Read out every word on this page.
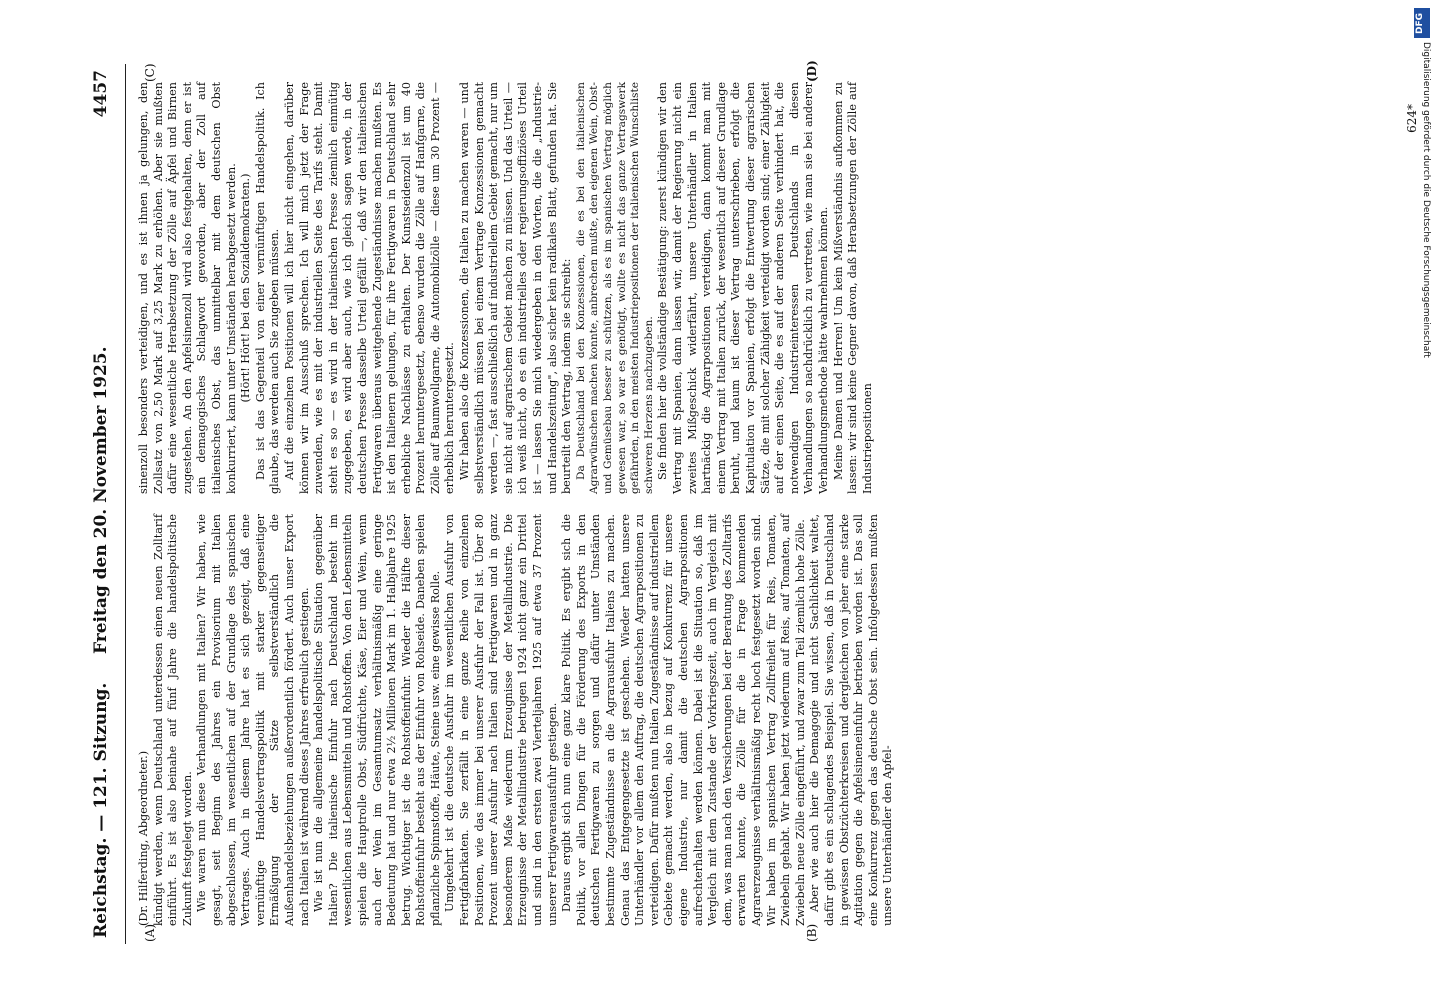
Reichstag. — 121. Sitzung.
Freitag den 20. November 1925.
4457
(A)	(B)
(C)	(D)

(Dr. Hilferding, Abgeordneter.) kündigt werden, wenn Deutschland unterdessen einen neuen Zolltarif einführt. Es ist also beinahe auf fünf Jahre die handelspolitische Zukunft festgelegt worden. Wie waren nun diese Verhandlungen mit Italien? Wir haben, wie gesagt, seit Beginn des Jahres ein Provisorium mit Italien abgeschlossen, im wesentlichen auf der Grundlage des spanischen Vertrages. Auch in diesem Jahre hat es sich gezeigt, daß eine vernünftige Handelsvertragspolitik mit starker gegenseitiger Ermäßigung der Sätze selbstverständlich die Außenhandelsbeziehungen außerordentlich fördert. Auch unser Export nach Italien ist während dieses Jahres erfreulich gestiegen. Wie ist nun die allgemeine handelspolitische Situation gegenüber Italien? Die italienische Einfuhr nach Deutschland besteht im wesentlichen aus Lebensmitteln und Rohstoffen. Von den Lebensmitteln spielen die Hauptrolle Obst, Südfrüchte, Käse, Eier und Wein, wenn auch der Wein im Gesamtumsatz verhältnismäßig eine geringe Bedeutung hat und nur etwa 2½ Millionen Mark im 1. Halbjahre 1925 betrug. Wichtiger ist die Rohstoffeinfuhr. Wieder die Hälfte dieser Rohstoffeinfuhr besteht aus der Einfuhr von Rohseide. Daneben spielen pflanzliche Spinnstoffe, Häute, Steine usw. eine gewisse Rolle. Umgekehrt ist die deutsche Ausfuhr im wesentlichen Ausfuhr von Fertigfabrikaten. Sie zerfällt in eine ganze Reihe von einzelnen Positionen, wie das immer bei unserer Ausfuhr der Fall ist. Über 80 Prozent unserer Ausfuhr nach Italien sind Fertigwaren und in ganz besonderem Maße wiederum Erzeugnisse der Metallindustrie. Die Erzeugnisse der Metallindustrie betrugen 1924 nicht ganz ein Drittel und sind in den ersten zwei Vierteljahren 1925 auf etwa 37 Prozent unserer Fertigwarenausfuhr gestiegen. Daraus ergibt sich nun eine ganz klare Politik. Es ergibt sich die Politik, vor allen Dingen für die Förderung des Exports in den deutschen Fertigwaren zu sorgen und dafür unter Umständen bestimmte Zugeständnisse an die Agrarausfuhr Italiens zu machen. Genau das Entgegengesetzte ist geschehen. Wieder hatten unsere Unterhändler vor allem den Auftrag, die deutschen Agrarpositionen zu verteidigen. Dafür mußten nun Italien Zugeständnisse auf industriellem Gebiete gemacht werden, also in bezug auf Konkurrenz für unsere eigene Industrie, nur damit die deutschen Agrarpositionen aufrechterhalten werden können. Dabei ist die Situation so, daß im Vergleich mit dem Zustande der Vorkriegszeit, auch im Vergleich mit dem, was man nach den Versicherungen bei der Beratung des Zolltarifs erwarten konnte, die Zölle für die in Frage kommenden Agrarerzeugnisse verhältnismäßig recht hoch festgesetzt worden sind. Wir haben im spanischen Vertrag Zollfreiheit für Reis, Tomaten, Zwiebeln gehabt. Wir haben jetzt wiederum auf Reis, auf Tomaten, auf Zwiebeln neue Zölle eingeführt, und zwar zum Teil ziemlich hohe Zölle. Aber wie auch hier die Demagogie und nicht Sachlichkeit waltet, dafür gibt es ein schlagendes Beispiel. Sie wissen, daß in Deutschland in gewissen Obstzüchterkreisen und dergleichen von jeher eine starke Agitation gegen die Apfelsineneinfuhr betrieben worden ist. Das soll eine Konkurrenz gegen das deutsche Obst sein. Infolgedessen mußten unsere Unterhändler den Apfel-

sinenzoll besonders verteidigen, und es ist ihnen ja gelungen, den Zollsatz von 2,50 Mark auf 3,25 Mark zu erhöhen. Aber sie mußten dafür eine wesentliche Herabsetzung der Zölle auf Äpfel und Birnen zugestehen. An den Apfelsinenzoll wird also festgehalten, denn er ist ein demagogisches Schlagwort geworden, aber der Zoll auf italienisches Obst, das unmittelbar mit dem deutschen Obst konkurriert, kann unter Umständen herabgesetzt werden. (Hört! Hört! bei den Sozialdemokraten.) Das ist das Gegenteil von einer vernünftigen Handelspolitik. Ich glaube, das werden auch Sie zugeben müssen. Auf die einzelnen Positionen will ich hier nicht eingehen, darüber können wir im Ausschuß sprechen. Ich will mich jetzt der Frage zuwenden, wie es mit der industriellen Seite des Tarifs steht. Damit steht es so — es wird in der italienischen Presse ziemlich einmütig zugegeben, es wird aber auch, wie ich gleich sagen werde, in der deutschen Presse dasselbe Urteil gefällt —, daß wir den italienischen Fertigwaren überaus weitgehende Zugeständnisse machen mußten. Es ist den Italienern gelungen, für ihre Fertigwaren in Deutschland sehr erhebliche Nachlässe zu erhalten. Der Kunstseidenzoll ist um 40 Prozent heruntergesetzt, ebenso wurden die Zölle auf Hanfgarne, die Zölle auf Baumwollgarne, die Automobilzölle — diese um 30 Prozent — erheblich heruntergesetzt. Wir haben also die Konzessionen, die Italien zu machen waren — und selbstverständlich müssen bei einem Vertrage Konzessionen gemacht werden —, fast ausschließlich auf industriellem Gebiet gemacht, nur um sie nicht auf agrarischem Gebiet machen zu müssen. Und das Urteil — ich weiß nicht, ob es ein industrielles oder regierungsoffiziöses Urteil ist — lassen Sie mich wiedergeben in den Worten, die die „Industrie- und Handelszeitung", also sicher kein radikales Blatt, gefunden hat. Sie beurteilt den Vertrag, indem sie schreibt: Da Deutschland bei den Konzessionen, die es bei den italienischen Agrarwünschen machen konnte, anbrechen mußte, den eigenen Wein, Obst- und Gemüsebau besser zu schützen, als es im spanischen Vertrag möglich gewesen war, so war es genötigt, wollte es nicht das ganze Vertragswerk gefährden, in den meisten Industriepositionen der italienischen Wunschliste schweren Herzens nachzugeben. Sie finden hier die vollständige Bestätigung: zuerst kündigen wir den Vertrag mit Spanien, dann lassen wir, damit der Regierung nicht ein zweites Mißgeschick widerfährt, unsere Unterhändler in Italien hartnäckig die Agrarpositionen verteidigen, dann kommt man mit einem Vertrag mit Italien zurück, der wesentlich auf dieser Grundlage beruht, und kaum ist dieser Vertrag unterschrieben, erfolgt die Kapitulation vor Spanien, erfolgt die Entwertung dieser agrarischen Sätze, die mit solcher Zähigkeit verteidigt worden sind; einer Zähigkeit auf der einen Seite, die es auf der anderen Seite verhindert hat, die notwendigen Industrieinteressen Deutschlands in diesen Verhandlungen so nachdrücklich zu vertreten, wie man sie bei anderer Verhandlungsmethode hätte wahrnehmen können. Meine Damen und Herren! Um kein Mißverständnis aufkommen zu lassen: wir sind keine Gegner davon, daß Herabsetzungen der Zölle auf Industriepositionen

624*
DFG
Digitalisierung gefördert durch die Deutsche Forschungsgemeinschaft
